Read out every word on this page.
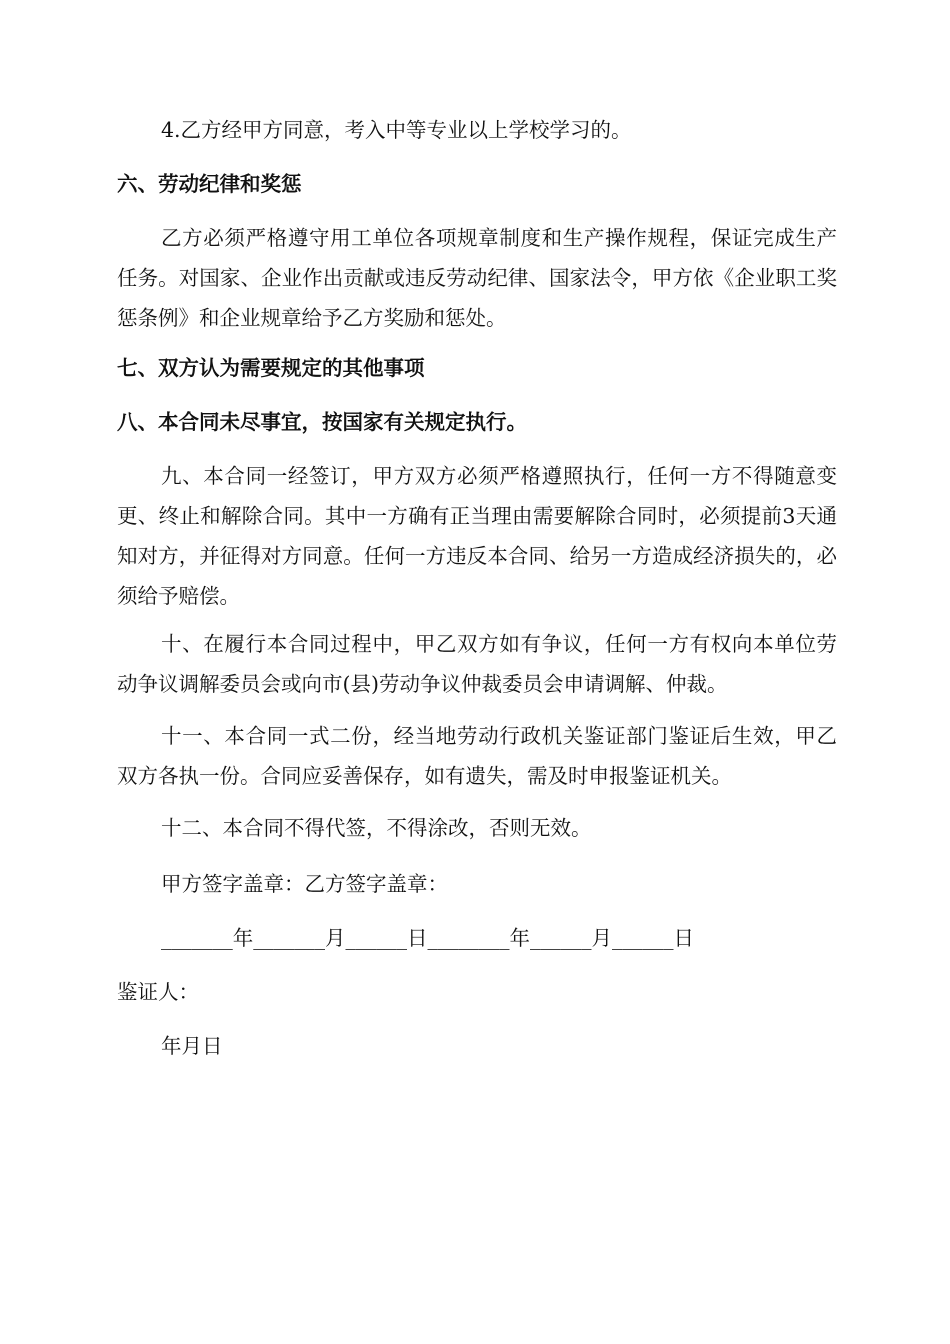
4.乙方经甲方同意，考入中等专业以上学校学习的。

六、劳动纪律和奖惩

乙方必须严格遵守用工单位各项规章制度和生产操作规程，保证完成生产任务。对国家、企业作出贡献或违反劳动纪律、国家法令，甲方依《企业职工奖惩条例》和企业规章给予乙方奖励和惩处。

七、双方认为需要规定的其他事项

八、本合同未尽事宜，按国家有关规定执行。

九、本合同一经签订，甲方双方必须严格遵照执行，任何一方不得随意变更、终止和解除合同。其中一方确有正当理由需要解除合同时，必须提前3天通知对方，并征得对方同意。任何一方违反本合同、给另一方造成经济损失的，必须给予赔偿。

十、在履行本合同过程中，甲乙双方如有争议，任何一方有权向本单位劳动争议调解委员会或向市(县)劳动争议仲裁委员会申请调解、仲裁。

十一、本合同一式二份，经当地劳动行政机关鉴证部门鉴证后生效，甲乙双方各执一份。合同应妥善保存，如有遗失，需及时申报鉴证机关。

十二、本合同不得代签，不得涂改，否则无效。

甲方签字盖章：乙方签字盖章：

_______年_______月______日________年______月______日

鉴证人：

年月日
